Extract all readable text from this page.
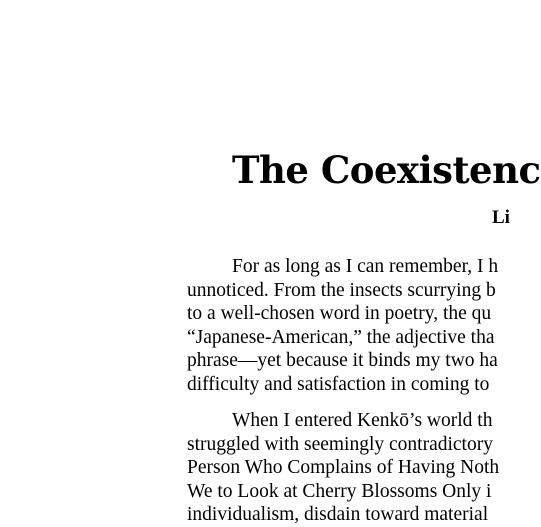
The Coexistenc
Li
For as long as I can remember, I h
unnoticed. From the insects scurrying b
to a well-chosen word in poetry, the qu
“Japanese-American,” the adjective tha
phrase—yet because it binds my two ha
difficulty and satisfaction in coming to
When I entered Kenkō’s world th
struggled with seemingly contradictory
Person Who Complains of Having Noth
We to Look at Cherry Blossoms Only i
individualism, disdain toward material
